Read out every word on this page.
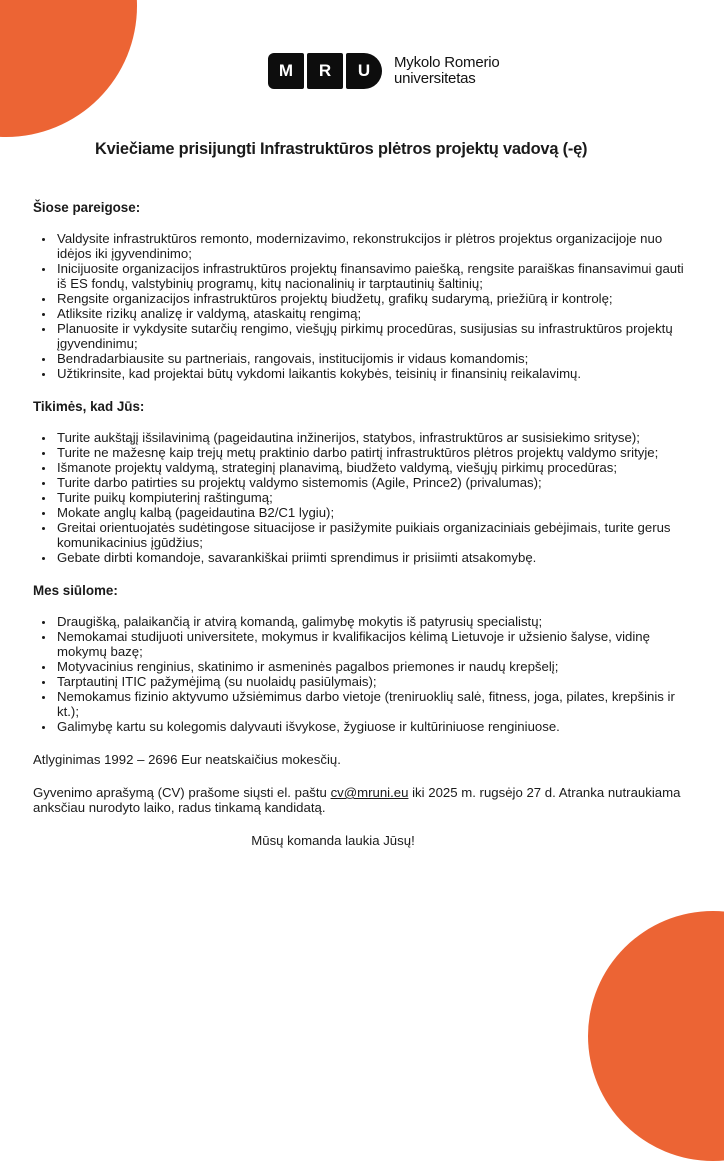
M	R	U	Mykolo Romerio
universitetas
Kviečiame prisijungti Infrastruktūros plėtros projektų vadovą (-ę)
Šiose pareigose:
• Valdysite infrastruktūros remonto, modernizavimo, rekonstrukcijos ir plėtros projektus organizacijoje nuo idėjos iki įgyvendinimo;
• Inicijuosite organizacijos infrastruktūros projektų finansavimo paiešką, rengsite paraiškas finansavimui gauti iš ES fondų, valstybinių programų, kitų nacionalinių ir tarptautinių šaltinių;
• Rengsite organizacijos infrastruktūros projektų biudžetų, grafikų sudarymą, priežiūrą ir kontrolę;
• Atliksite rizikų analizę ir valdymą, ataskaitų rengimą;
• Planuosite ir vykdysite sutarčių rengimo, viešųjų pirkimų procedūras, susijusias su infrastruktūros projektų įgyvendinimu;
• Bendradarbiausite su partneriais, rangovais, institucijomis ir vidaus komandomis;
• Užtikrinsite, kad projektai būtų vykdomi laikantis kokybės, teisinių ir finansinių reikalavimų.
Tikimės, kad Jūs:
• Turite aukštąjį išsilavinimą (pageidautina inžinerijos, statybos, infrastruktūros ar susisiekimo srityse);
• Turite ne mažesnę kaip trejų metų praktinio darbo patirtį infrastruktūros plėtros projektų valdymo srityje;
• Išmanote projektų valdymą, strateginį planavimą, biudžeto valdymą, viešųjų pirkimų procedūras;
• Turite darbo patirties su projektų valdymo sistemomis (Agile, Prince2) (privalumas);
• Turite puikų kompiuterinį raštingumą;
• Mokate anglų kalbą (pageidautina B2/C1 lygiu);
• Greitai orientuojatės sudėtingose situacijose ir pasižymite puikiais organizaciniais gebėjimais, turite gerus komunikacinius įgūdžius;
• Gebate dirbti komandoje, savarankiškai priimti sprendimus ir prisiimti atsakomybę.
Mes siūlome:
• Draugišką, palaikančią ir atvirą komandą, galimybę mokytis iš patyrusių specialistų;
• Nemokamai studijuoti universitete, mokymus ir kvalifikacijos kėlimą Lietuvoje ir užsienio šalyse, vidinę mokymų bazę;
• Motyvacinius renginius, skatinimo ir asmeninės pagalbos priemones ir naudų krepšelį;
• Tarptautinį ITIC pažymėjimą (su nuolaidų pasiūlymais);
• Nemokamus fizinio aktyvumo užsiėmimus darbo vietoje (treniruoklių salė, fitness, joga, pilates, krepšinis ir kt.);
• Galimybę kartu su kolegomis dalyvauti išvykose, žygiuose ir kultūriniuose renginiuose.

Atlyginimas 1992 – 2696 Eur neatskaičius mokesčių.

Gyvenimo aprašymą (CV) prašome siųsti el. paštu cv@mruni.eu iki 2025 m. rugsėjo 27 d. Atranka nutraukiama anksčiau nurodyto laiko, radus tinkamą kandidatą.

Mūsų komanda laukia Jūsų!
